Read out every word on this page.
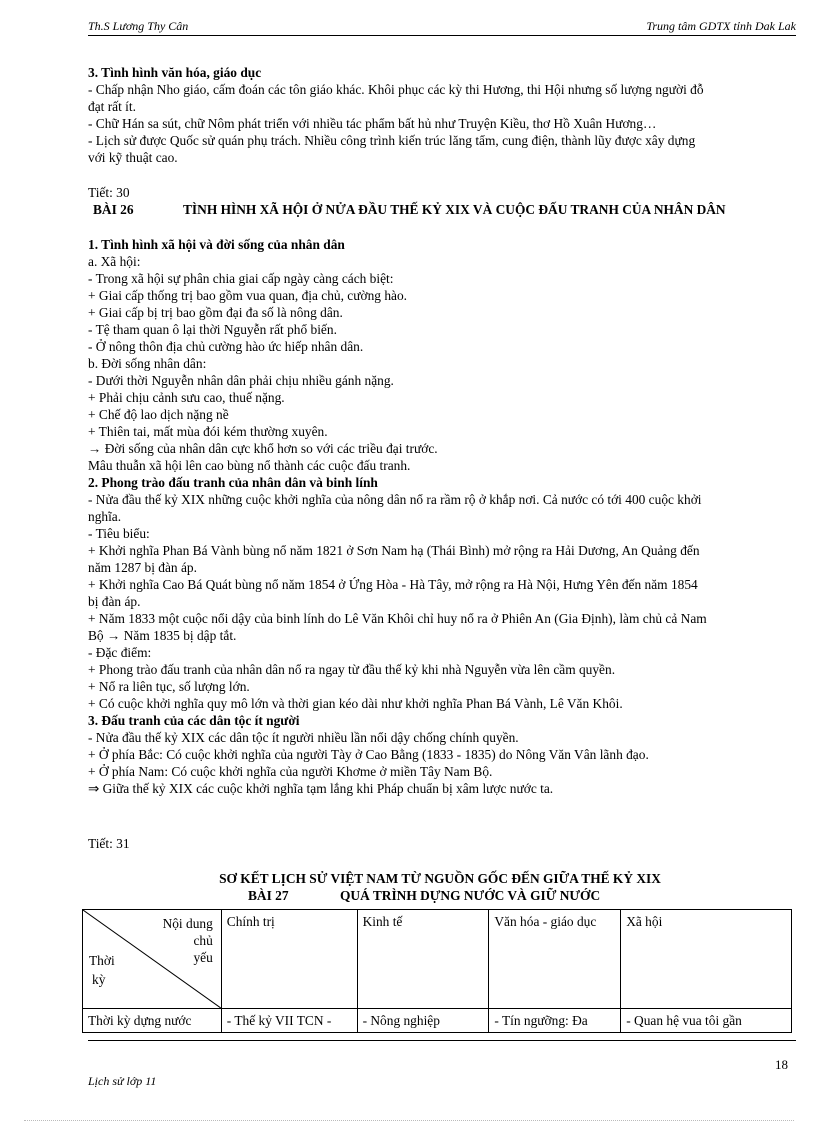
Th.S Lương Thy Cân	Trung tâm GDTX tỉnh Dak Lak

3. Tình hình văn hóa, giáo dục

- Chấp nhận Nho giáo, cấm đoán các tôn giáo khác. Khôi phục các kỳ thi Hương, thi Hội nhưng số lượng người đỗ

đạt rất ít.

- Chữ Hán sa sút, chữ Nôm phát triển với nhiều tác phẩm bất hủ như Truyện Kiều, thơ Hồ Xuân Hương…

- Lịch sử được Quốc sử quán phụ trách. Nhiều công trình kiến trúc lăng tẩm, cung điện, thành lũy được xây dựng

với kỹ thuật cao.

Tiết: 30

BÀI 26	TÌNH HÌNH XÃ HỘI Ở NỬA ĐẦU THẾ KỶ XIX VÀ CUỘC ĐẤU TRANH CỦA NHÂN DÂN

1. Tình hình xã hội và đời sống của nhân dân

a. Xã hội:

- Trong xã hội sự phân chia giai cấp ngày càng cách biệt:

+ Giai cấp thống trị bao gồm vua quan, địa chủ, cường hào.

+ Giai cấp bị trị bao gồm đại đa số là nông dân.

- Tệ tham quan ô lại thời Nguyễn rất phổ biến.

- Ở nông thôn địa chủ cường hào ức hiếp nhân dân.

b. Đời sống nhân dân:

- Dưới thời Nguyễn nhân dân phải chịu nhiều gánh nặng.

+ Phải chịu cảnh sưu cao, thuế nặng.

+ Chế độ lao dịch nặng nề

+ Thiên tai, mất mùa đói kém thường xuyên.

→ Đời sống của nhân dân cực khổ hơn so với các triều đại trước.

Mâu thuẫn xã hội lên cao bùng nổ thành các cuộc đấu tranh.

2. Phong trào đấu tranh của nhân dân và binh lính

- Nửa đầu thế kỷ XIX những cuộc khởi nghĩa của nông dân nổ ra rầm rộ ở khắp nơi. Cả nước có tới 400 cuộc khởi

nghĩa.

- Tiêu biểu:

+ Khởi nghĩa Phan Bá Vành bùng nổ năm 1821 ở Sơn Nam hạ (Thái Bình) mở rộng ra Hải Dương, An Quảng đến

năm 1287 bị đàn áp.

+ Khởi nghĩa Cao Bá Quát bùng nổ năm 1854 ở Ứng Hòa - Hà Tây, mở rộng ra Hà Nội, Hưng Yên đến năm 1854

bị đàn áp.

+ Năm 1833 một cuộc nổi dậy của binh lính do Lê Văn Khôi chỉ huy nổ ra ở Phiên An (Gia Định), làm chủ cả Nam

Bộ → Năm 1835 bị dập tắt.

- Đặc điểm:

+ Phong trào đấu tranh của nhân dân nổ ra ngay từ đầu thế kỷ khi nhà Nguyễn vừa lên cầm quyền.

+ Nổ ra liên tục, số lượng lớn.

+ Có cuộc khởi nghĩa quy mô lớn và thời gian kéo dài như khởi nghĩa Phan Bá Vành, Lê Văn Khôi.

3. Đấu tranh của các dân tộc ít người

- Nửa đầu thế kỷ XIX các dân tộc ít người nhiều lần nổi dậy chống chính quyền.

+ Ở phía Bắc: Có cuộc khởi nghĩa của người Tày ở Cao Bằng (1833 - 1835) do Nông Văn Vân lãnh đạo.

+ Ở phía Nam: Có cuộc khởi nghĩa của người Khơme ở miền Tây Nam Bộ.

⇒ Giữa thế kỷ XIX các cuộc khởi nghĩa tạm lắng khi Pháp chuẩn bị xâm lược nước ta.

Tiết: 31

SƠ KẾT LỊCH SỬ VIỆT NAM TỪ NGUỒN GỐC ĐẾN GIỮA THẾ KỶ XIX

BÀI 27	QUÁ TRÌNH DỰNG NƯỚC VÀ GIỮ NƯỚC

Nội dung
chủ
yếu
Thời
kỳ	Chính trị	Kinh tế	Văn hóa - giáo dục	Xã hội
Thời kỳ dựng nước	- Thế kỷ VII TCN -	- Nông nghiệp	- Tín ngưỡng: Đa	- Quan hệ vua tôi gần
18
Lịch sử lớp 11
